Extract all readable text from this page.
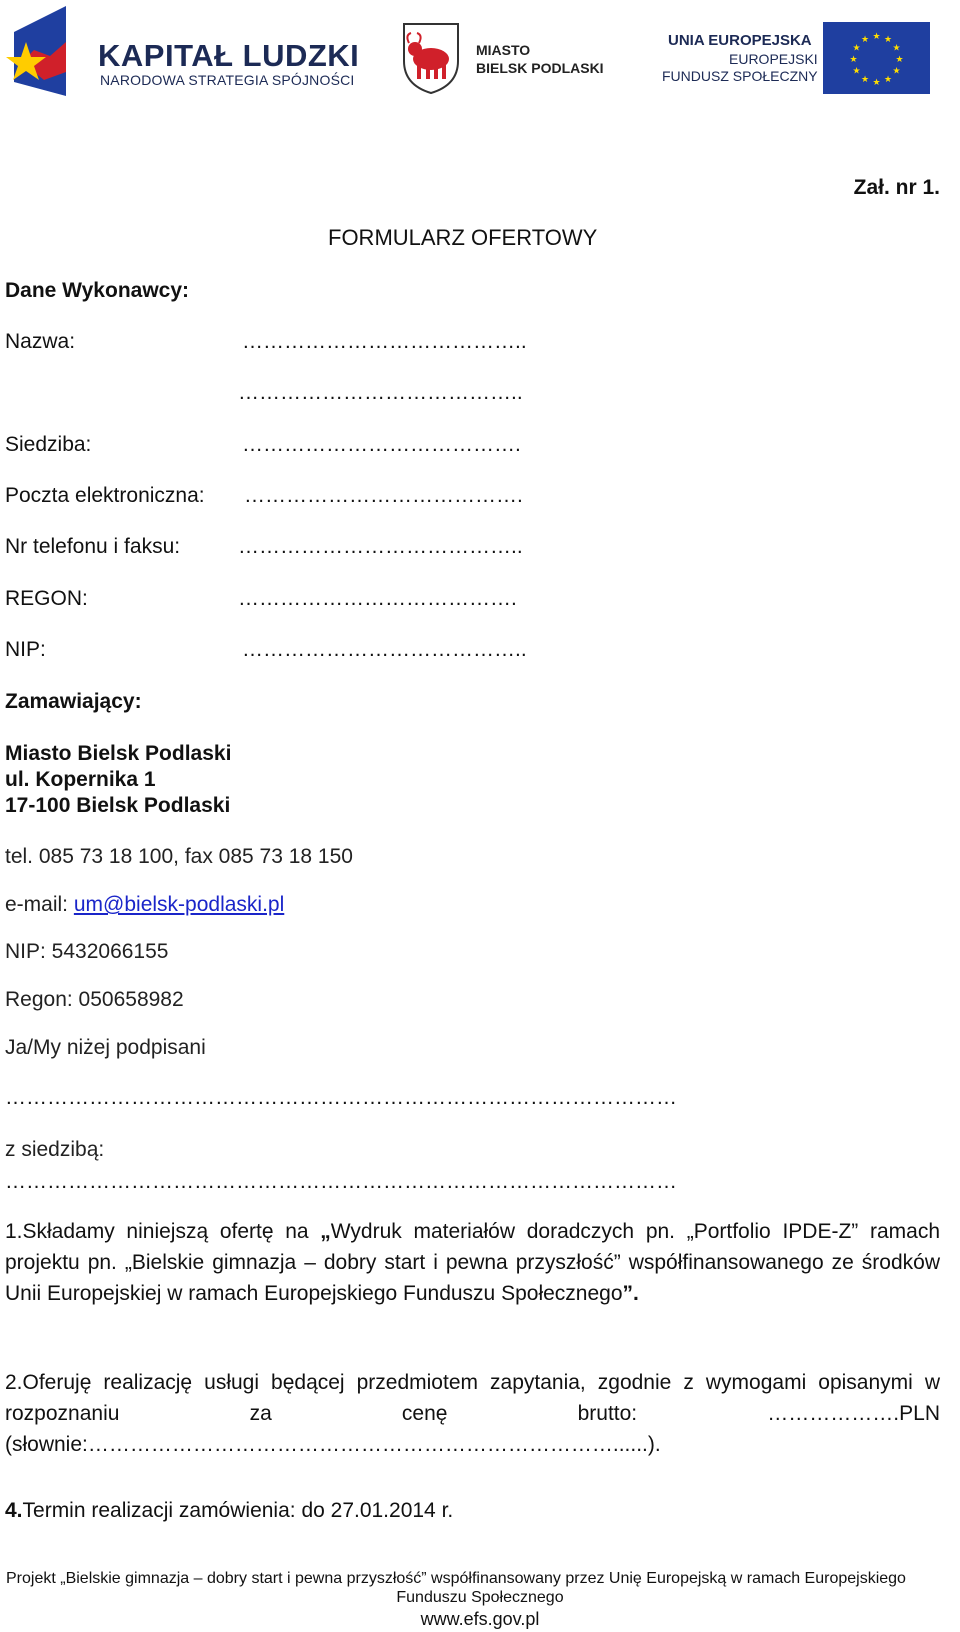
KAPITAŁ LUDZKI
NARODOWA STRATEGIA SPÓJNOŚCI
MIASTO
BIELSK PODLASKI
UNIA EUROPEJSKA
EUROPEJSKI
FUNDUSZ SPOŁECZNY
★ ★
★
★
★
★
★
★
★
★
★
★
Zał. nr 1.
FORMULARZ OFERTOWY
Dane Wykonawcy:
Nazwa:	…………………………………..
…………………………………..
Siedziba:	………………………………….
Poczta elektroniczna: ………………………………….
Nr telefonu i faksu:	…………………………………..
REGON:	………………………………….
NIP:	…………………………………..
Zamawiający:
Miasto Bielsk Podlaski
ul. Kopernika 1
17-100 Bielsk Podlaski
tel. 085 73 18 100, fax 085 73 18 150
e-mail: um@bielsk-podlaski.pl
NIP: 5432066155
Regon: 050658982
Ja/My niżej podpisani
……………………………………………………………………………………
z siedzibą:
……………………………………………………………………………………
1.Składamy niniejszą ofertę na „Wydruk materiałów doradczych pn. „Portfolio IPDE-Z” ramach projektu pn. „Bielskie gimnazja – dobry start i pewna przyszłość” współfinansowanego ze środków Unii Europejskiej w ramach Europejskiego Funduszu Społecznego”.
2.Oferuję realizację usługi będącej przedmiotem zapytania, zgodnie z wymogami opisanymi w rozpoznaniu za cenę brutto: ……………….PLN (słownie:…………………………………………………………………......).
4.Termin realizacji zamówienia: do 27.01.2014 r.
Projekt „Bielskie gimnazja – dobry start i pewna przyszłość” współfinansowany przez Unię Europejską w ramach Europejskiego
Funduszu Społecznego
www.efs.gov.pl
